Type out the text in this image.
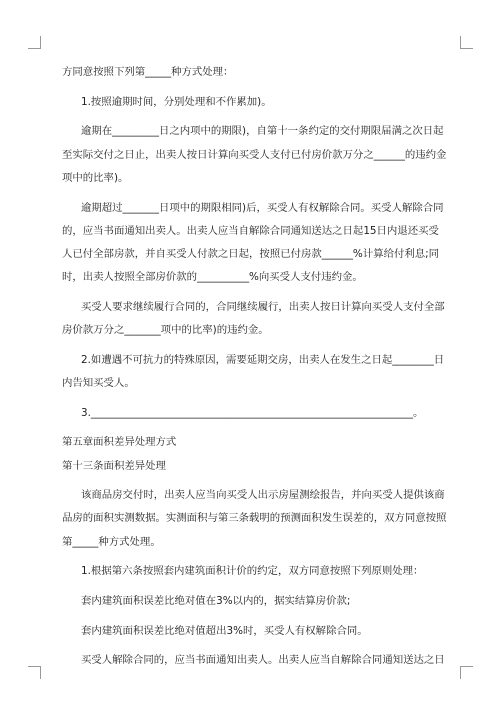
方同意按照下列第_____种方式处理：

1.按照逾期时间，分别处理和不作累加)。

逾期在_________日之内项中的期限)，自第十一条约定的交付期限届满之次日起

至实际交付之日止，出卖人按日计算向买受人支付已付房价款万分之______的违约金

项中的比率)。

逾期超过_______日项中的期限相同)后，买受人有权解除合同。买受人解除合同

的，应当书面通知出卖人。出卖人应当自解除合同通知送达之日起15日内退还买受

人已付全部房款，并自买受人付款之日起，按照已付房款______%计算给付利息;同

时，出卖人按照全部房价款的__________%向买受人支付违约金。

买受人要求继续履行合同的，合同继续履行，出卖人按日计算向买受人支付全部

房价款万分之_______项中的比率)的违约金。

2.如遭遇不可抗力的特殊原因，需要延期交房，出卖人在发生之日起________日

内告知买受人。

3.______________________________________________________________。

第五章面积差异处理方式

第十三条面积差异处理

该商品房交付时，出卖人应当向买受人出示房屋测绘报告，并向买受人提供该商

品房的面积实测数据。实测面积与第三条载明的预测面积发生误差的，双方同意按照

第_____种方式处理。

1.根据第六条按照套内建筑面积计价的约定，双方同意按照下列原则处理：

套内建筑面积误差比绝对值在3%以内的，据实结算房价款;

套内建筑面积误差比绝对值超出3%时，买受人有权解除合同。

买受人解除合同的，应当书面通知出卖人。出卖人应当自解除合同通知送达之日
